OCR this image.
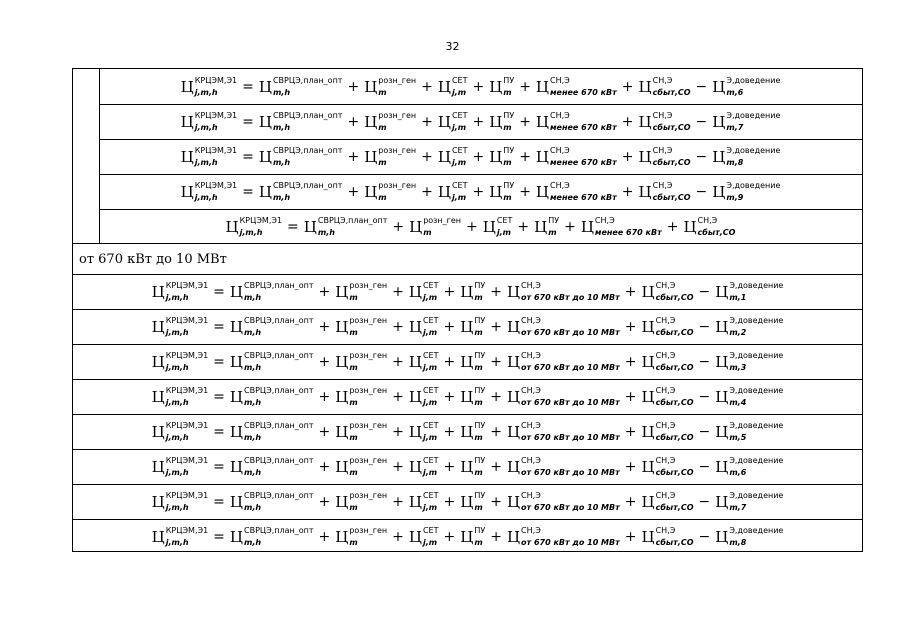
32
Ц КРЦЭМ,Э1
j,m,h	= Ц СВРЦЭ,план_опт
m,h	+ Ц розн_ген
m	+ Ц СЕТ
j,m + Ц ПУ
m + Ц СН,Э
менее 670 кВт + Ц СН,Э
сбыт,СО − Ц Э,доведение
m,6
Ц КРЦЭМ,Э1
j,m,h	= Ц СВРЦЭ,план_опт
m,h	+ Ц розн_ген
m	+ Ц СЕТ
j,m + Ц ПУ
m + Ц СН,Э
менее 670 кВт + Ц СН,Э
сбыт,СО − Ц Э,доведение
m,7
Ц КРЦЭМ,Э1
j,m,h	= Ц СВРЦЭ,план_опт
m,h	+ Ц розн_ген
m	+ Ц СЕТ
j,m + Ц ПУ
m + Ц СН,Э
менее 670 кВт + Ц СН,Э
сбыт,СО − Ц Э,доведение
m,8
Ц КРЦЭМ,Э1
j,m,h	= Ц СВРЦЭ,план_опт
m,h	+ Ц розн_ген
m	+ Ц СЕТ
j,m + Ц ПУ
m + Ц СН,Э
менее 670 кВт + Ц СН,Э
сбыт,СО − Ц Э,доведение
m,9
Ц КРЦЭМ,Э1
j,m,h	= Ц СВРЦЭ,план_опт
m,h	+ Ц розн_ген
m	+ Ц СЕТ
j,m + Ц ПУ
m + Ц СН,Э
менее 670 кВт + Ц СН,Э
сбыт,СО
от 670 кВт до 10 МВт
Ц КРЦЭМ,Э1
j,m,h	= Ц СВРЦЭ,план_опт
m,h	+ Ц розн_ген
m	+ Ц СЕТ
j,m + Ц ПУ
m + Ц СН,Э
от 670 кВт до 10 МВт + Ц СН,Э
сбыт,СО − Ц Э,доведение
m,1
Ц КРЦЭМ,Э1
j,m,h	= Ц СВРЦЭ,план_опт
m,h	+ Ц розн_ген
m	+ Ц СЕТ
j,m + Ц ПУ
m + Ц СН,Э
от 670 кВт до 10 МВт + Ц СН,Э
сбыт,СО − Ц Э,доведение
m,2
Ц КРЦЭМ,Э1
j,m,h	= Ц СВРЦЭ,план_опт
m,h	+ Ц розн_ген
m	+ Ц СЕТ
j,m + Ц ПУ
m + Ц СН,Э
от 670 кВт до 10 МВт + Ц СН,Э
сбыт,СО − Ц Э,доведение
m,3
Ц КРЦЭМ,Э1
j,m,h	= Ц СВРЦЭ,план_опт
m,h	+ Ц розн_ген
m	+ Ц СЕТ
j,m + Ц ПУ
m + Ц СН,Э
от 670 кВт до 10 МВт + Ц СН,Э
сбыт,СО − Ц Э,доведение
m,4
Ц КРЦЭМ,Э1
j,m,h	= Ц СВРЦЭ,план_опт
m,h	+ Ц розн_ген
m	+ Ц СЕТ
j,m + Ц ПУ
m + Ц СН,Э
от 670 кВт до 10 МВт + Ц СН,Э
сбыт,СО − Ц Э,доведение
m,5
Ц КРЦЭМ,Э1
j,m,h	= Ц СВРЦЭ,план_опт
m,h	+ Ц розн_ген
m	+ Ц СЕТ
j,m + Ц ПУ
m + Ц СН,Э
от 670 кВт до 10 МВт + Ц СН,Э
сбыт,СО − Ц Э,доведение
m,6
Ц КРЦЭМ,Э1
j,m,h	= Ц СВРЦЭ,план_опт
m,h	+ Ц розн_ген
m	+ Ц СЕТ
j,m + Ц ПУ
m + Ц СН,Э
от 670 кВт до 10 МВт + Ц СН,Э
сбыт,СО − Ц Э,доведение
m,7
Ц КРЦЭМ,Э1
j,m,h	= Ц СВРЦЭ,план_опт
m,h	+ Ц розн_ген
m	+ Ц СЕТ
j,m + Ц ПУ
m + Ц СН,Э
от 670 кВт до 10 МВт + Ц СН,Э
сбыт,СО − Ц Э,доведение
m,8
